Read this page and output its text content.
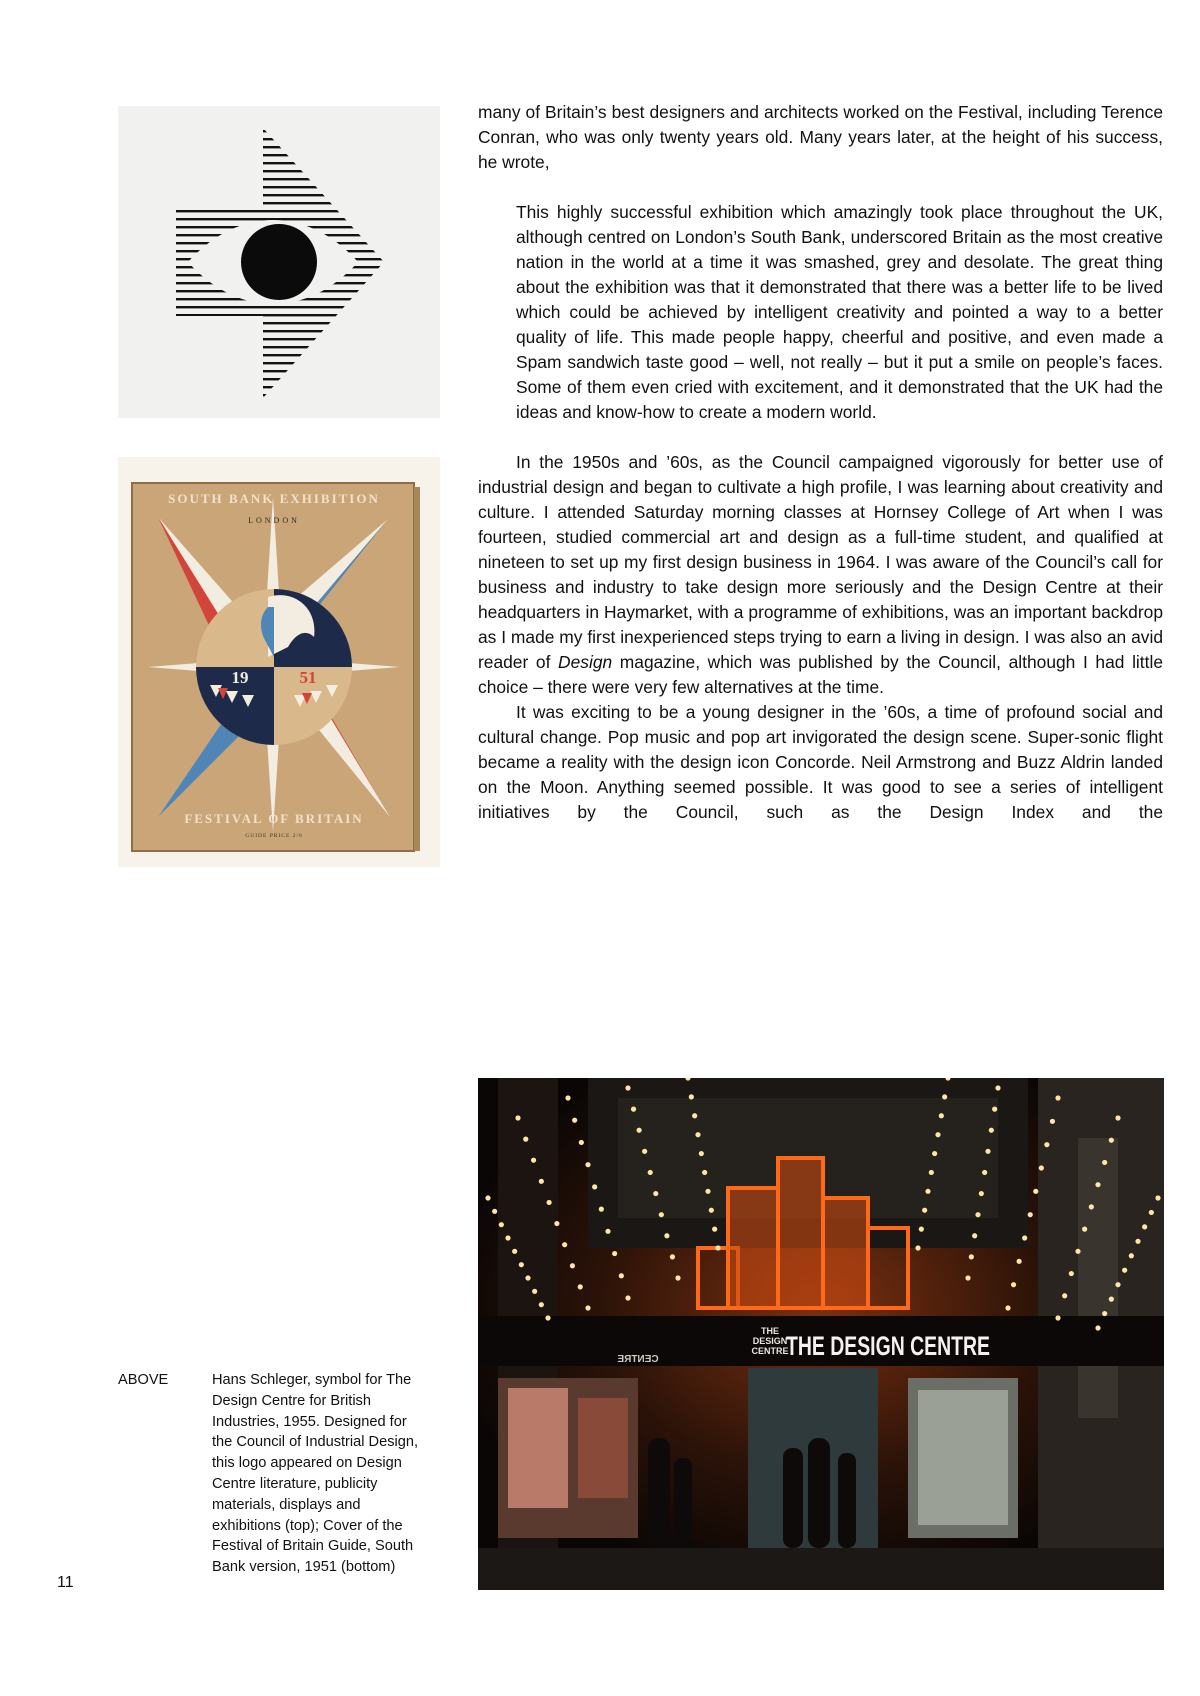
SOUTH BANK EXHIBITION
LONDON
19	51
FESTIVAL OF BRITAIN
GUIDE PRICE 2/6

many of Britain’s best designers and architects worked on the Festival, including Terence Conran, who was only twenty years old. Many years later, at the height of his success, he wrote,

This highly successful exhibition which amazingly took place throughout the UK, although centred on London’s South Bank, underscored Britain as the most creative nation in the world at a time it was smashed, grey and desolate. The great thing about the exhibition was that it demonstrated that there was a better life to be lived which could be achieved by intelligent creativity and pointed a way to a better quality of life. This made people happy, cheerful and positive, and even made a Spam sandwich taste good – well, not really – but it put a smile on people’s faces. Some of them even cried with excitement, and it demonstrated that the UK had the ideas and know-how to create a modern world.

In the 1950s and ’60s, as the Council campaigned vigorously for better use of industrial design and began to cultivate a high profile, I was learning about creativity and culture. I attended Saturday morning classes at Hornsey College of Art when I was fourteen, studied commercial art and design as a full-time student, and qualified at nineteen to set up my first design business in 1964. I was aware of the Council’s call for business and industry to take design more seriously and the Design Centre at their headquarters in Haymarket, with a programme of exhibitions, was an important backdrop as I made my first inexperienced steps trying to earn a living in design. I was also an avid reader of Design magazine, which was published by the Council, although I had little choice – there were very few alternatives at the time.

It was exciting to be a young designer in the ’60s, a time of profound social and cultural change. Pop music and pop art invigorated the design scene. Super-sonic flight became a reality with the design icon Concorde. Neil Armstrong and Buzz Aldrin landed on the Moon. Anything seemed possible. It was good to see a series of intelligent initiatives by the Council, such as the Design Index and the

THE
DESIGN
CENTRE
THE DESIGN CENTRE
CENTRE
ABOVE	Hans Schleger, symbol for The Design Centre for British Industries, 1955. Designed for the Council of Industrial Design, this logo appeared on Design Centre literature, publicity materials, displays and exhibitions (top); Cover of the Festival of Britain Guide, South Bank version, 1951 (bottom)
11
